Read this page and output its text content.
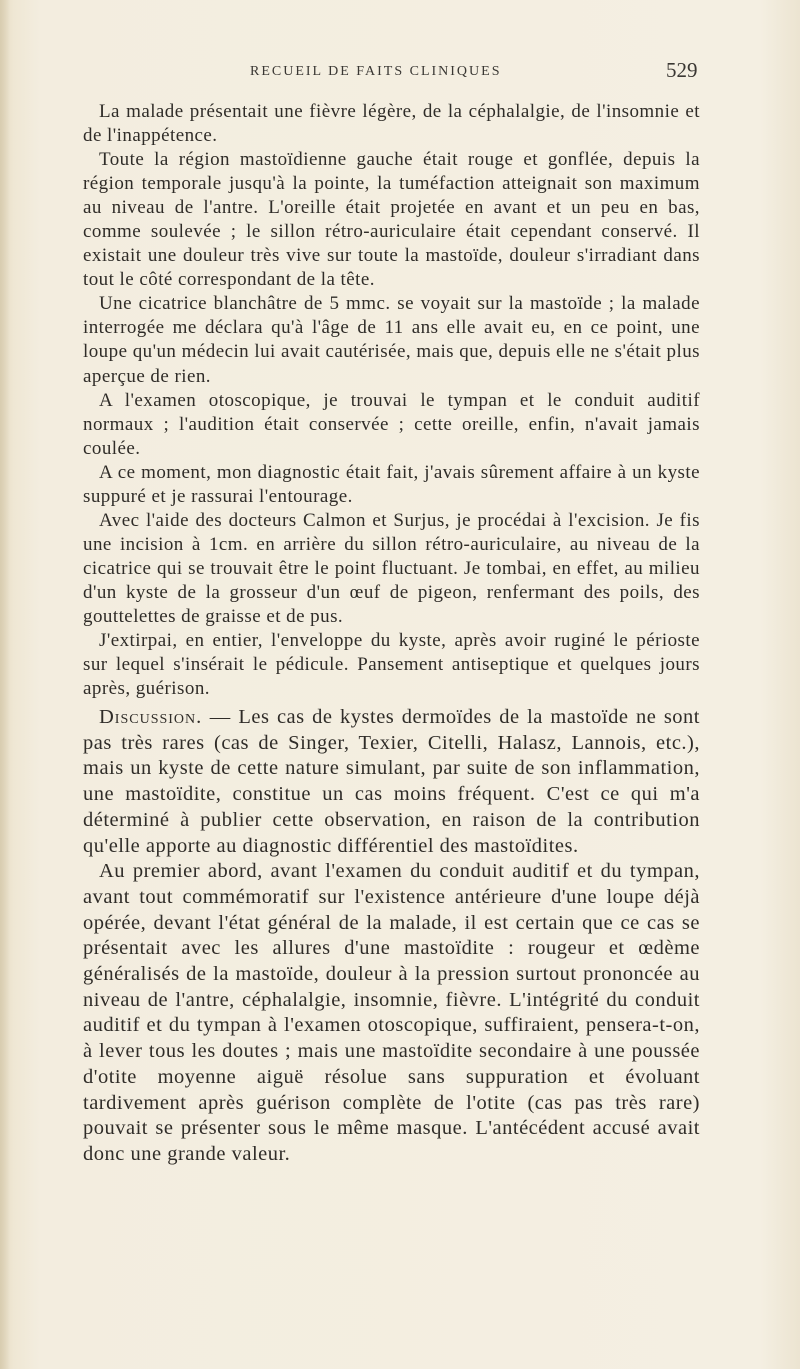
RECUEIL DE FAITS CLINIQUES	529

La malade présentait une fièvre légère, de la céphalalgie, de l'insomnie et de l'inappétence.

Toute la région mastoïdienne gauche était rouge et gonflée, depuis la région temporale jusqu'à la pointe, la tuméfaction atteignait son maximum au niveau de l'antre. L'oreille était projetée en avant et un peu en bas, comme soulevée ; le sillon rétro-auriculaire était cependant conservé. Il existait une douleur très vive sur toute la mastoïde, douleur s'irradiant dans tout le côté correspondant de la tête.

Une cicatrice blanchâtre de 5 mmc. se voyait sur la mastoïde ; la malade interrogée me déclara qu'à l'âge de 11 ans elle avait eu, en ce point, une loupe qu'un médecin lui avait cautérisée, mais que, depuis elle ne s'était plus aperçue de rien.

A l'examen otoscopique, je trouvai le tympan et le conduit auditif normaux ; l'audition était conservée ; cette oreille, enfin, n'avait jamais coulée.

A ce moment, mon diagnostic était fait, j'avais sûrement affaire à un kyste suppuré et je rassurai l'entourage.

Avec l'aide des docteurs Calmon et Surjus, je procédai à l'excision. Je fis une incision à 1cm. en arrière du sillon rétro-auriculaire, au niveau de la cicatrice qui se trouvait être le point fluctuant. Je tombai, en effet, au milieu d'un kyste de la grosseur d'un œuf de pigeon, renfermant des poils, des gouttelettes de graisse et de pus.

J'extirpai, en entier, l'enveloppe du kyste, après avoir ruginé le périoste sur lequel s'insérait le pédicule. Pansement antiseptique et quelques jours après, guérison.

Discussion. — Les cas de kystes dermoïdes de la mastoïde ne sont pas très rares (cas de Singer, Texier, Citelli, Halasz, Lannois, etc.), mais un kyste de cette nature simulant, par suite de son inflammation, une mastoïdite, constitue un cas moins fréquent. C'est ce qui m'a déterminé à publier cette observation, en raison de la contribution qu'elle apporte au diagnostic différentiel des mastoïdites.

Au premier abord, avant l'examen du conduit auditif et du tympan, avant tout commémoratif sur l'existence antérieure d'une loupe déjà opérée, devant l'état général de la malade, il est certain que ce cas se présentait avec les allures d'une mastoïdite : rougeur et œdème généralisés de la mastoïde, douleur à la pression surtout prononcée au niveau de l'antre, céphalalgie, insomnie, fièvre. L'intégrité du conduit auditif et du tympan à l'examen otoscopique, suffiraient, pensera-t-on, à lever tous les doutes ; mais une mastoïdite secondaire à une poussée d'otite moyenne aiguë résolue sans suppuration et évoluant tardivement après guérison complète de l'otite (cas pas très rare) pouvait se présenter sous le même masque. L'antécédent accusé avait donc une grande valeur.
